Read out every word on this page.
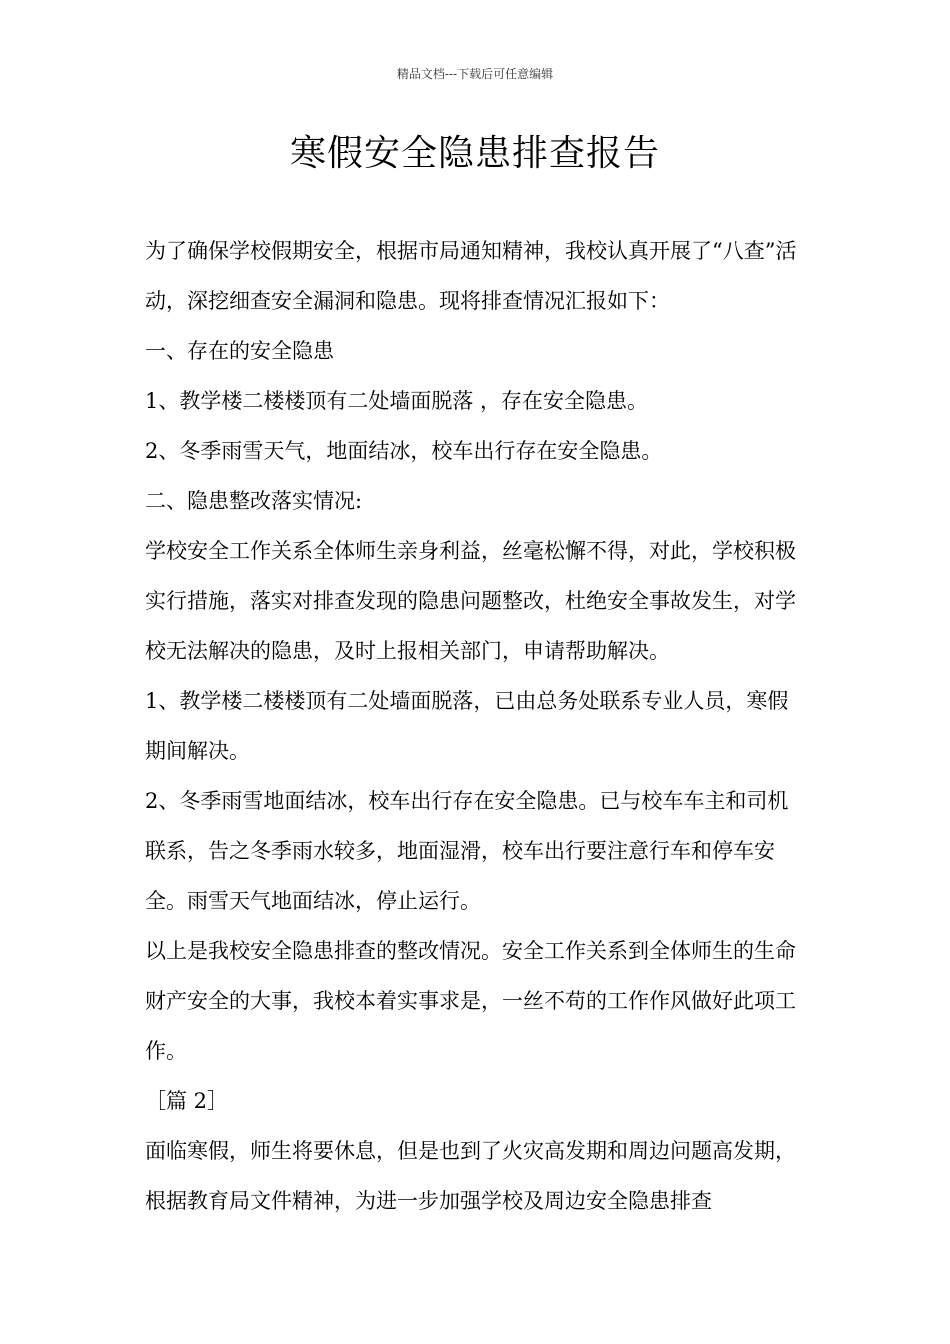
精品文档---下载后可任意编辑
寒假安全隐患排查报告

为了确保学校假期安全，根据市局通知精神，我校认真开展了“八查”活动，深挖细查安全漏洞和隐患。现将排查情况汇报如下：

一、存在的安全隐患

1、教学楼二楼楼顶有二处墙面脱落 ，存在安全隐患。

2、冬季雨雪天气，地面结冰，校车出行存在安全隐患。

二、隐患整改落实情况:

学校安全工作关系全体师生亲身利益，丝毫松懈不得，对此，学校积极实行措施，落实对排查发现的隐患问题整改，杜绝安全事故发生，对学校无法解决的隐患，及时上报相关部门，申请帮助解决。

1、教学楼二楼楼顶有二处墙面脱落，已由总务处联系专业人员，寒假期间解决。

2、冬季雨雪地面结冰，校车出行存在安全隐患。已与校车车主和司机联系，告之冬季雨水较多，地面湿滑，校车出行要注意行车和停车安全。雨雪天气地面结冰，停止运行。

以上是我校安全隐患排查的整改情况。安全工作关系到全体师生的生命财产安全的大事，我校本着实事求是，一丝不苟的工作作风做好此项工作。

［篇 2］

面临寒假，师生将要休息，但是也到了火灾高发期和周边问题高发期，根据教育局文件精神，为进一步加强学校及周边安全隐患排查
